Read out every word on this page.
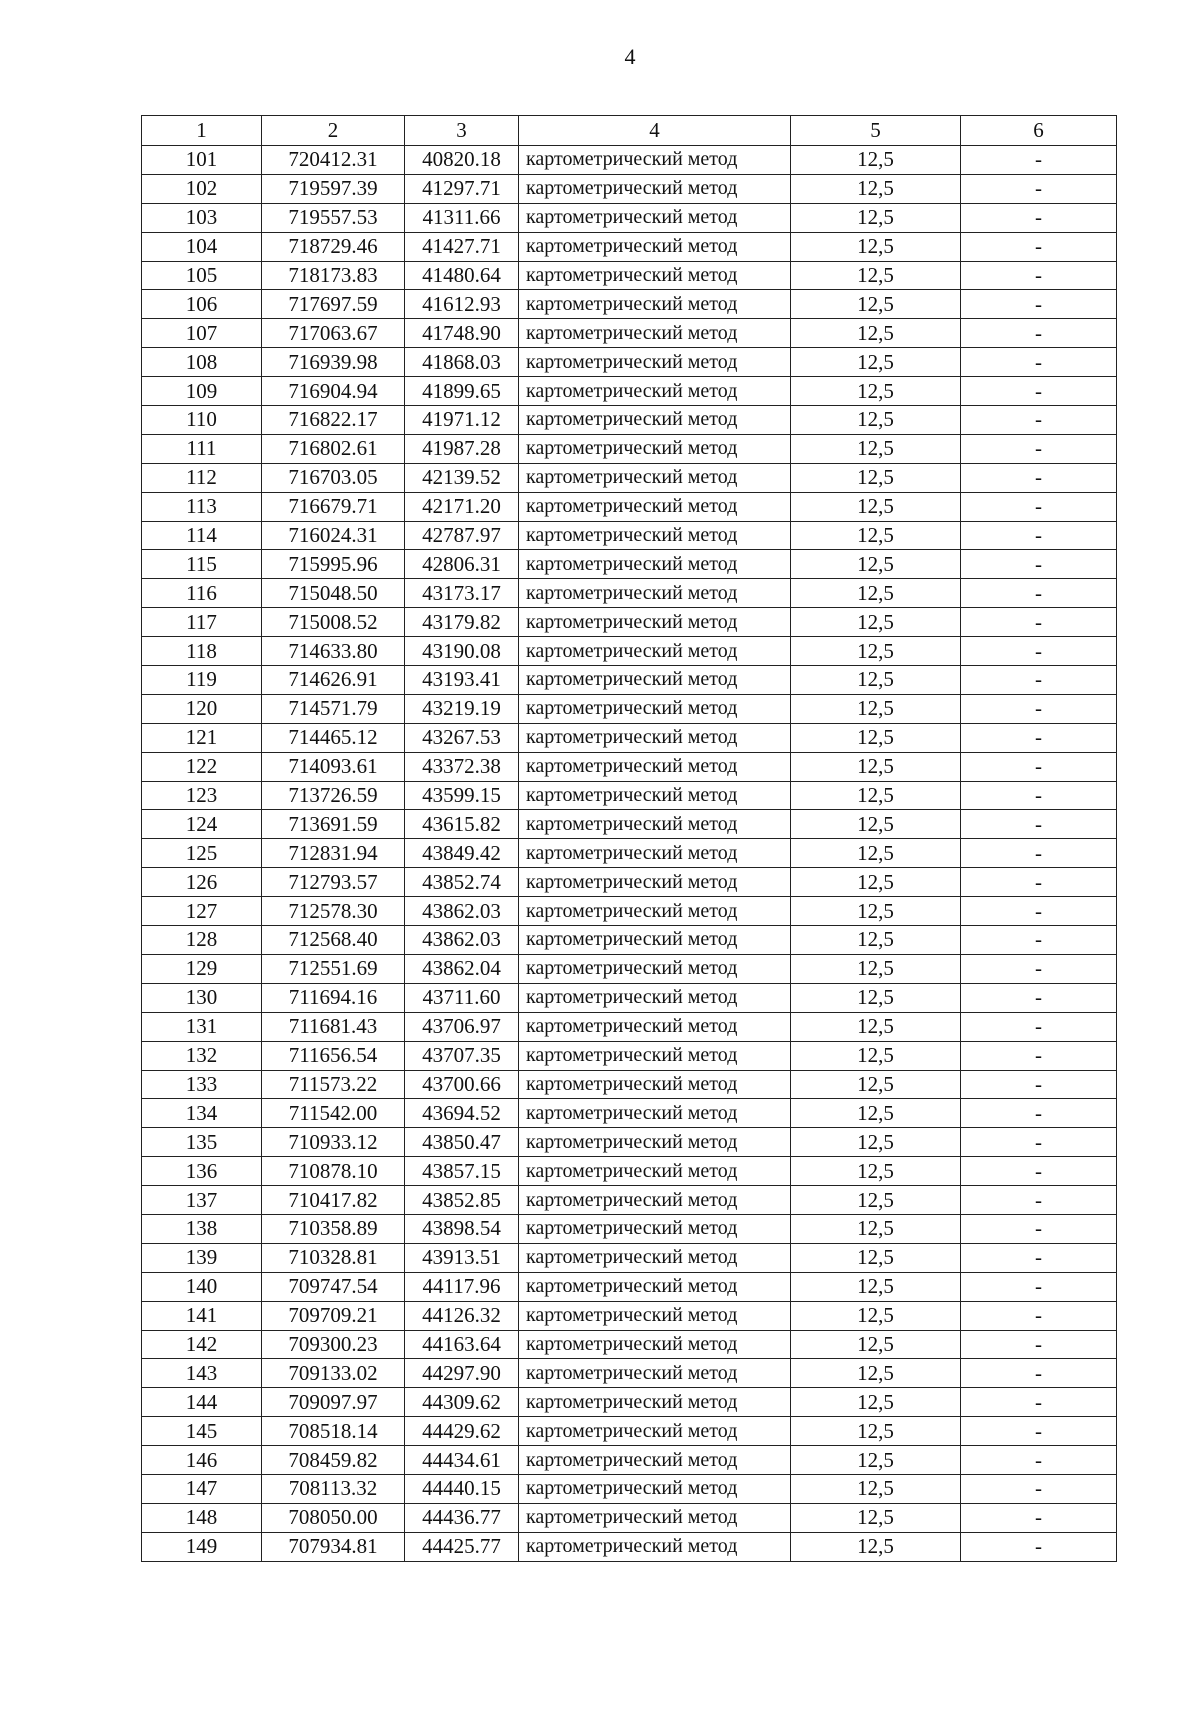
4
1	2	3	4	5	6
101	720412.31	40820.18	картометрический метод	12,5	-
102	719597.39	41297.71	картометрический метод	12,5	-
103	719557.53	41311.66	картометрический метод	12,5	-
104	718729.46	41427.71	картометрический метод	12,5	-
105	718173.83	41480.64	картометрический метод	12,5	-
106	717697.59	41612.93	картометрический метод	12,5	-
107	717063.67	41748.90	картометрический метод	12,5	-
108	716939.98	41868.03	картометрический метод	12,5	-
109	716904.94	41899.65	картометрический метод	12,5	-
110	716822.17	41971.12	картометрический метод	12,5	-
111	716802.61	41987.28	картометрический метод	12,5	-
112	716703.05	42139.52	картометрический метод	12,5	-
113	716679.71	42171.20	картометрический метод	12,5	-
114	716024.31	42787.97	картометрический метод	12,5	-
115	715995.96	42806.31	картометрический метод	12,5	-
116	715048.50	43173.17	картометрический метод	12,5	-
117	715008.52	43179.82	картометрический метод	12,5	-
118	714633.80	43190.08	картометрический метод	12,5	-
119	714626.91	43193.41	картометрический метод	12,5	-
120	714571.79	43219.19	картометрический метод	12,5	-
121	714465.12	43267.53	картометрический метод	12,5	-
122	714093.61	43372.38	картометрический метод	12,5	-
123	713726.59	43599.15	картометрический метод	12,5	-
124	713691.59	43615.82	картометрический метод	12,5	-
125	712831.94	43849.42	картометрический метод	12,5	-
126	712793.57	43852.74	картометрический метод	12,5	-
127	712578.30	43862.03	картометрический метод	12,5	-
128	712568.40	43862.03	картометрический метод	12,5	-
129	712551.69	43862.04	картометрический метод	12,5	-
130	711694.16	43711.60	картометрический метод	12,5	-
131	711681.43	43706.97	картометрический метод	12,5	-
132	711656.54	43707.35	картометрический метод	12,5	-
133	711573.22	43700.66	картометрический метод	12,5	-
134	711542.00	43694.52	картометрический метод	12,5	-
135	710933.12	43850.47	картометрический метод	12,5	-
136	710878.10	43857.15	картометрический метод	12,5	-
137	710417.82	43852.85	картометрический метод	12,5	-
138	710358.89	43898.54	картометрический метод	12,5	-
139	710328.81	43913.51	картометрический метод	12,5	-
140	709747.54	44117.96	картометрический метод	12,5	-
141	709709.21	44126.32	картометрический метод	12,5	-
142	709300.23	44163.64	картометрический метод	12,5	-
143	709133.02	44297.90	картометрический метод	12,5	-
144	709097.97	44309.62	картометрический метод	12,5	-
145	708518.14	44429.62	картометрический метод	12,5	-
146	708459.82	44434.61	картометрический метод	12,5	-
147	708113.32	44440.15	картометрический метод	12,5	-
148	708050.00	44436.77	картометрический метод	12,5	-
149	707934.81	44425.77	картометрический метод	12,5	-
